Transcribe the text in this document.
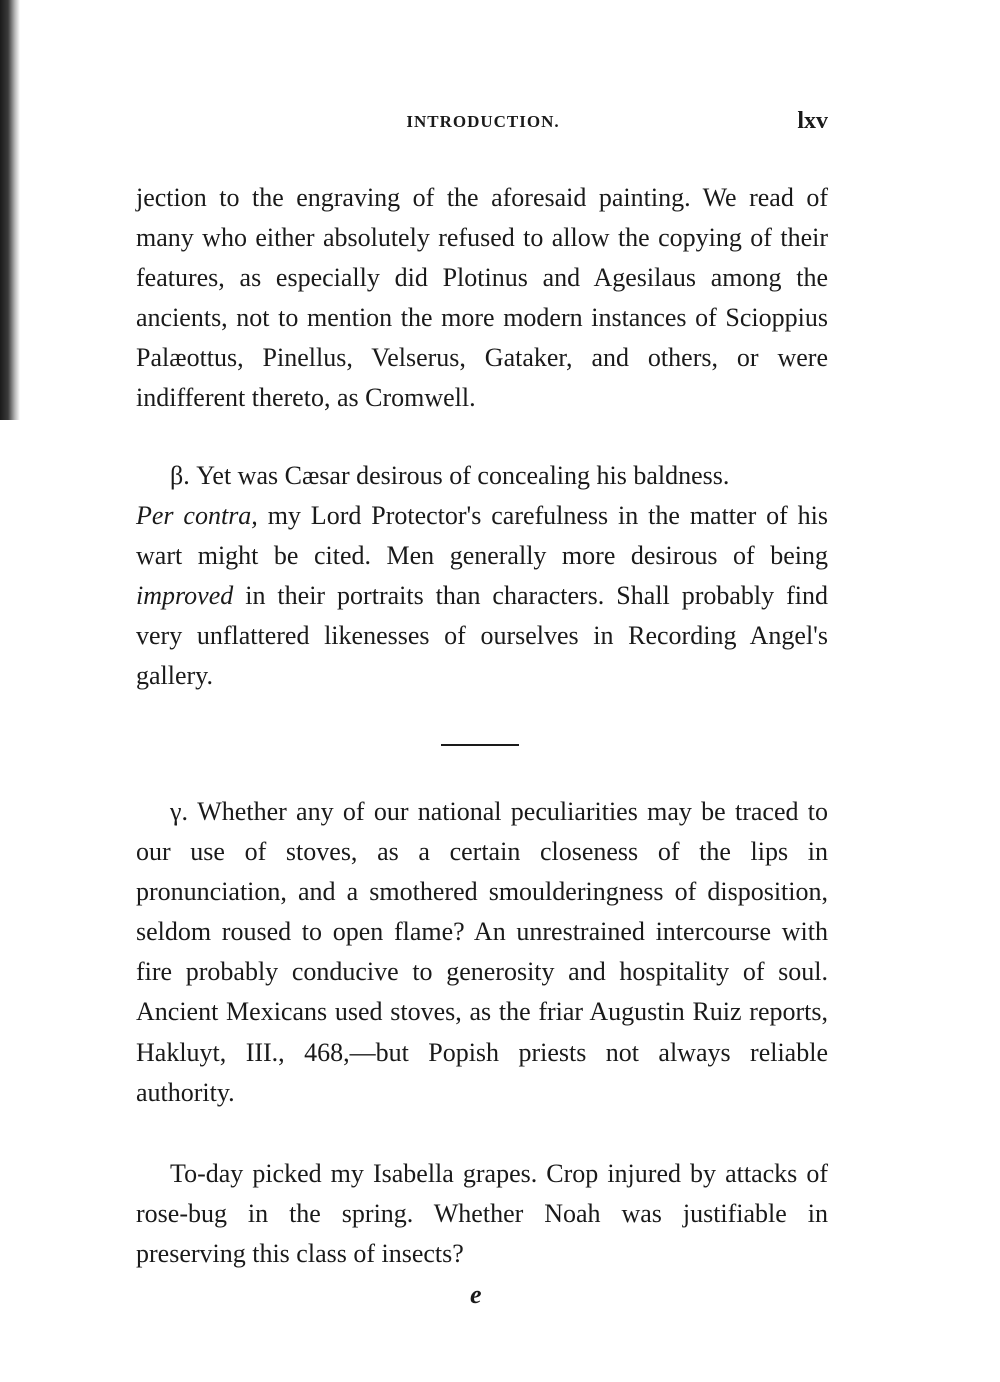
INTRODUCTION.	lxv

jection to the engraving of the aforesaid painting. We read of many who either absolutely refused to allow the copying of their features, as especially did Plotinus and Agesilaus among the ancients, not to mention the more modern instances of Scioppius Palæottus, Pinellus, Velserus, Gataker, and others, or were indifferent thereto, as Cromwell.

β. Yet was Cæsar desirous of concealing his baldness.
Per contra, my Lord Protector's carefulness in the matter of his wart might be cited. Men generally more desirous of being improved in their portraits than characters. Shall probably find very unflattered likenesses of ourselves in Recording Angel's gallery.

γ. Whether any of our national peculiarities may be traced to our use of stoves, as a certain closeness of the lips in pronunciation, and a smothered smoulderingness of disposition, seldom roused to open flame? An unrestrained intercourse with fire probably conducive to generosity and hospitality of soul. Ancient Mexicans used stoves, as the friar Augustin Ruiz reports, Hakluyt, III., 468,—but Popish priests not always reliable authority.

To-day picked my Isabella grapes. Crop injured by attacks of rose-bug in the spring. Whether Noah was justifiable in preserving this class of insects?

e
